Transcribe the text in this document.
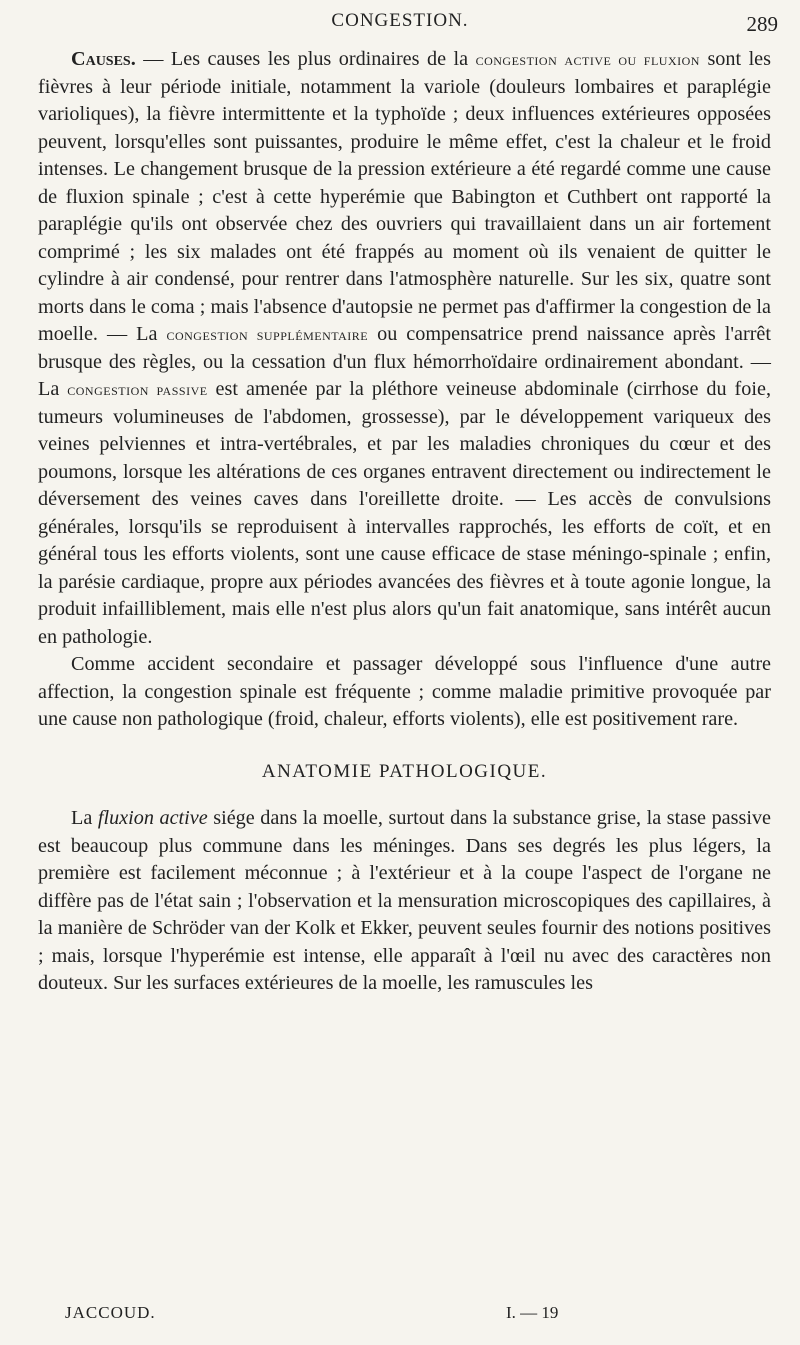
CONGESTION.	289

Causes. — Les causes les plus ordinaires de la congestion active ou fluxion sont les fièvres à leur période initiale, notamment la variole (douleurs lombaires et paraplégie varioliques), la fièvre intermittente et la typhoïde ; deux influences extérieures opposées peuvent, lorsqu'elles sont puissantes, produire le même effet, c'est la chaleur et le froid intenses. Le changement brusque de la pression extérieure a été regardé comme une cause de fluxion spinale ; c'est à cette hyperémie que Babington et Cuthbert ont rapporté la paraplégie qu'ils ont observée chez des ouvriers qui travaillaient dans un air fortement comprimé ; les six malades ont été frappés au moment où ils venaient de quitter le cylindre à air condensé, pour rentrer dans l'atmosphère naturelle. Sur les six, quatre sont morts dans le coma ; mais l'absence d'autopsie ne permet pas d'affirmer la congestion de la moelle. — La congestion supplémentaire ou compensatrice prend naissance après l'arrêt brusque des règles, ou la cessation d'un flux hémorrhoïdaire ordinairement abondant. — La congestion passive est amenée par la pléthore veineuse abdominale (cirrhose du foie, tumeurs volumineuses de l'abdomen, grossesse), par le développement variqueux des veines pelviennes et intra-vertébrales, et par les maladies chroniques du cœur et des poumons, lorsque les altérations de ces organes entravent directement ou indirectement le déversement des veines caves dans l'oreillette droite. — Les accès de convulsions générales, lorsqu'ils se reproduisent à intervalles rapprochés, les efforts de coït, et en général tous les efforts violents, sont une cause efficace de stase méningo-spinale ; enfin, la parésie cardiaque, propre aux périodes avancées des fièvres et à toute agonie longue, la produit infailliblement, mais elle n'est plus alors qu'un fait anatomique, sans intérêt aucun en pathologie.

Comme accident secondaire et passager développé sous l'influence d'une autre affection, la congestion spinale est fréquente ; comme maladie primitive provoquée par une cause non pathologique (froid, chaleur, efforts violents), elle est positivement rare.

ANATOMIE PATHOLOGIQUE.

La fluxion active siége dans la moelle, surtout dans la substance grise, la stase passive est beaucoup plus commune dans les méninges. Dans ses degrés les plus légers, la première est facilement méconnue ; à l'extérieur et à la coupe l'aspect de l'organe ne diffère pas de l'état sain ; l'observation et la mensuration microscopiques des capillaires, à la manière de Schröder van der Kolk et Ekker, peuvent seules fournir des notions positives ; mais, lorsque l'hyperémie est intense, elle apparaît à l'œil nu avec des caractères non douteux. Sur les surfaces extérieures de la moelle, les ramuscules les

JACCOUD.	I. — 19
